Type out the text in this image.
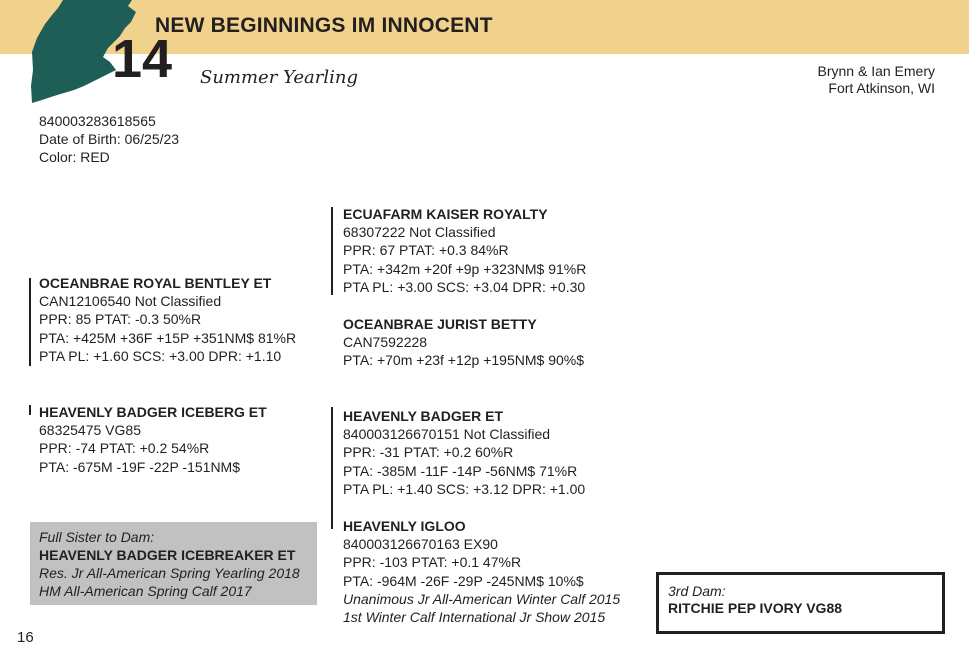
NEW BEGINNINGS IM INNOCENT
14 Summer Yearling	Brynn & Ian Emery
Fort Atkinson, WI
840003283618565
Date of Birth: 06/25/23
Color: RED
OCEANBRAE ROYAL BENTLEY ET
CAN12106540 Not Classified
PPR: 85 PTAT: -0.3 50%R
PTA: +425M +36F +15P +351NM$ 81%R
PTA PL: +1.60 SCS: +3.00 DPR: +1.10
ECUAFARM KAISER ROYALTY
68307222 Not Classified
PPR: 67 PTAT: +0.3 84%R
PTA: +342m +20f +9p +323NM$ 91%R
PTA PL: +3.00 SCS: +3.04 DPR: +0.30
OCEANBRAE JURIST BETTY
CAN7592228
PTA: +70m +23f +12p +195NM$ 90%$
HEAVENLY BADGER ICEBERG ET
68325475 VG85
PPR: -74 PTAT: +0.2 54%R
PTA: -675M -19F -22P -151NM$
HEAVENLY BADGER ET
840003126670151 Not Classified
PPR: -31 PTAT: +0.2 60%R
PTA: -385M -11F -14P -56NM$ 71%R
PTA PL: +1.40 SCS: +3.12 DPR: +1.00
HEAVENLY IGLOO
840003126670163 EX90
PPR: -103 PTAT: +0.1 47%R
PTA: -964M -26F -29P -245NM$ 10%$
Unanimous Jr All-American Winter Calf 2015
1st Winter Calf International Jr Show 2015
Full Sister to Dam:
HEAVENLY BADGER ICEBREAKER ET
Res. Jr All-American Spring Yearling 2018
HM All-American Spring Calf 2017	3rd Dam:
RITCHIE PEP IVORY VG88
16
